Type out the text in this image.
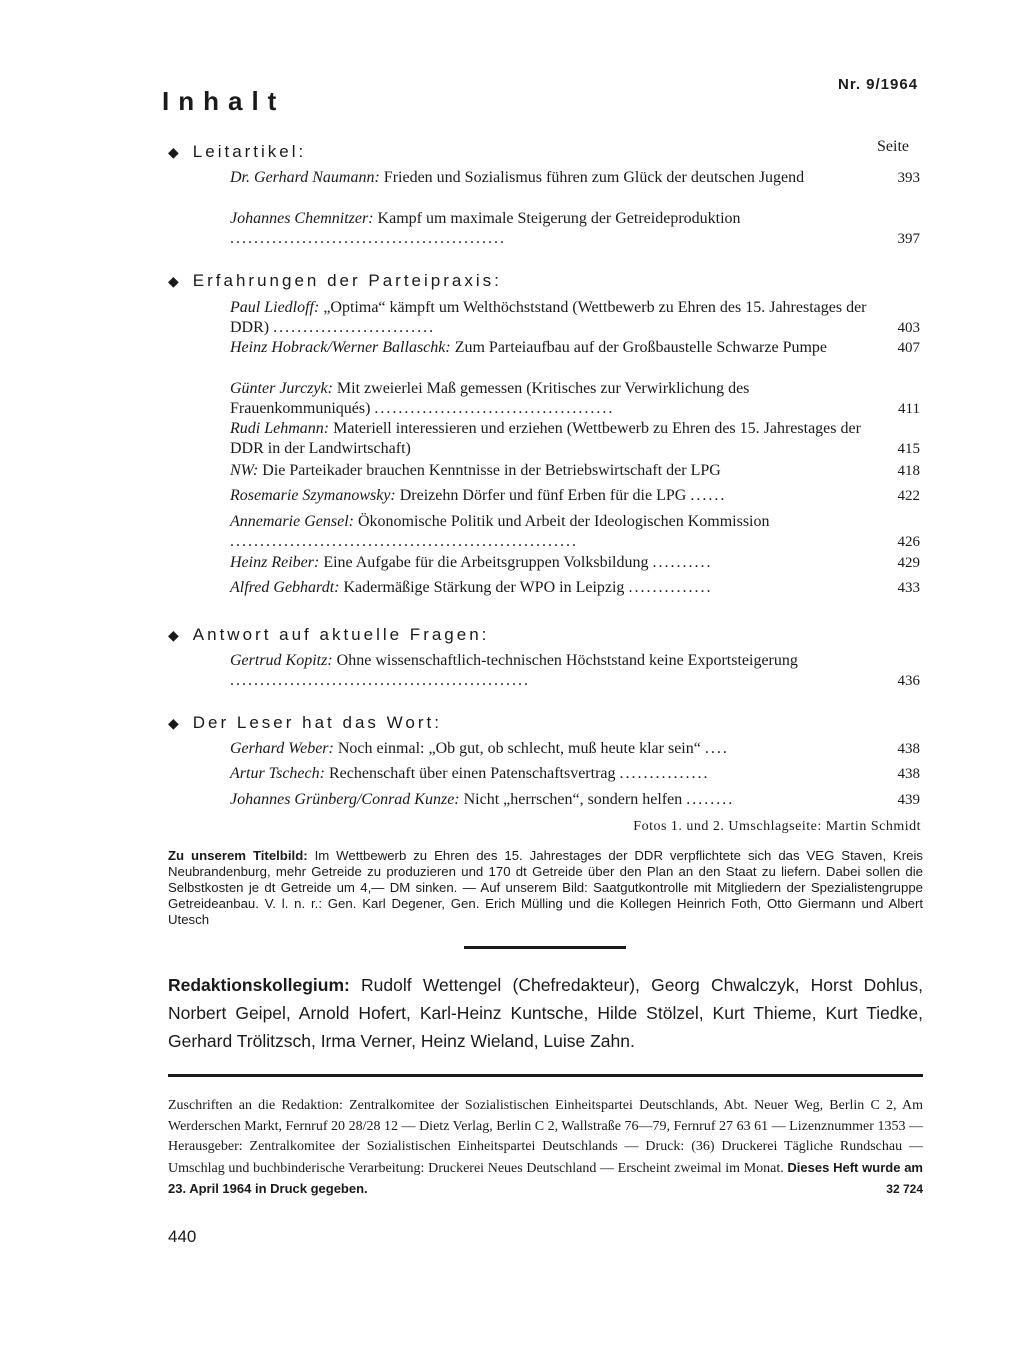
Nr. 9/1964
Inhalt
Seite
◆ Leitartikel:
Dr. Gerhard Naumann: Frieden und Sozialismus führen zum Glück der deutschen Jugend	393
Johannes Chemnitzer: Kampf um maximale Steigerung der Getreideproduktion ..............................................	397
◆ Erfahrungen der Parteipraxis:
Paul Liedloff: „Optima“ kämpft um Welthöchststand (Wettbewerb zu Ehren des 15. Jahrestages der DDR) ...........................	403
Heinz Hobrack/Werner Ballaschk: Zum Parteiaufbau auf der Großbaustelle Schwarze Pumpe	407
Günter Jurczyk: Mit zweierlei Maß gemessen (Kritisches zur Verwirklichung des Frauenkommuniqués) ........................................	411
Rudi Lehmann: Materiell interessieren und erziehen (Wettbewerb zu Ehren des 15. Jahrestages der DDR in der Landwirtschaft)	415
NW: Die Parteikader brauchen Kenntnisse in der Betriebswirtschaft der LPG	418
Rosemarie Szymanowsky: Dreizehn Dörfer und fünf Erben für die LPG ......	422
Annemarie Gensel: Ökonomische Politik und Arbeit der Ideologischen Kommission ..........................................................	426
Heinz Reiber: Eine Aufgabe für die Arbeitsgruppen Volksbildung ..........	429
Alfred Gebhardt: Kadermäßige Stärkung der WPO in Leipzig ..............	433
◆ Antwort auf aktuelle Fragen:
Gertrud Kopitz: Ohne wissenschaftlich-technischen Höchststand keine Exportsteigerung ..................................................	436
◆ Der Leser hat das Wort:
Gerhard Weber: Noch einmal: „Ob gut, ob schlecht, muß heute klar sein“ ....	438
Artur Tschech: Rechenschaft über einen Patenschaftsvertrag ...............	438
Johannes Grünberg/Conrad Kunze: Nicht „herrschen“, sondern helfen ........	439
Fotos 1. und 2. Umschlagseite: Martin Schmidt
Zu unserem Titelbild: Im Wettbewerb zu Ehren des 15. Jahrestages der DDR verpflichtete sich das VEG Staven, Kreis Neubrandenburg, mehr Getreide zu produzieren und 170 dt Getreide über den Plan an den Staat zu liefern. Dabei sollen die Selbstkosten je dt Getreide um 4,— DM sinken. — Auf unserem Bild: Saatgutkontrolle mit Mitgliedern der Spezialistengruppe Getreideanbau. V. l. n. r.: Gen. Karl Degener, Gen. Erich Mülling und die Kollegen Heinrich Foth, Otto Giermann und Albert Utesch
Redaktionskollegium: Rudolf Wettengel (Chefredakteur), Georg Chwalczyk, Horst Dohlus, Norbert Geipel, Arnold Hofert, Karl-Heinz Kuntsche, Hilde Stölzel, Kurt Thieme, Kurt Tiedke, Gerhard Trölitzsch, Irma Verner, Heinz Wieland, Luise Zahn.
Zuschriften an die Redaktion: Zentralkomitee der Sozialistischen Einheitspartei Deutschlands, Abt. Neuer Weg, Berlin C 2, Am Werderschen Markt, Fernruf 20 28/28 12 — Dietz Verlag, Berlin C 2, Wallstraße 76—79, Fernruf 27 63 61 — Lizenznummer 1353 — Herausgeber: Zentralkomitee der Sozialistischen Einheitspartei Deutschlands — Druck: (36) Druckerei Tägliche Rundschau — Umschlag und buchbinderische Verarbeitung: Druckerei Neues Deutschland — Erscheint zweimal im Monat. Dieses Heft wurde am 23. April 1964 in Druck gegeben.	32 724
440
